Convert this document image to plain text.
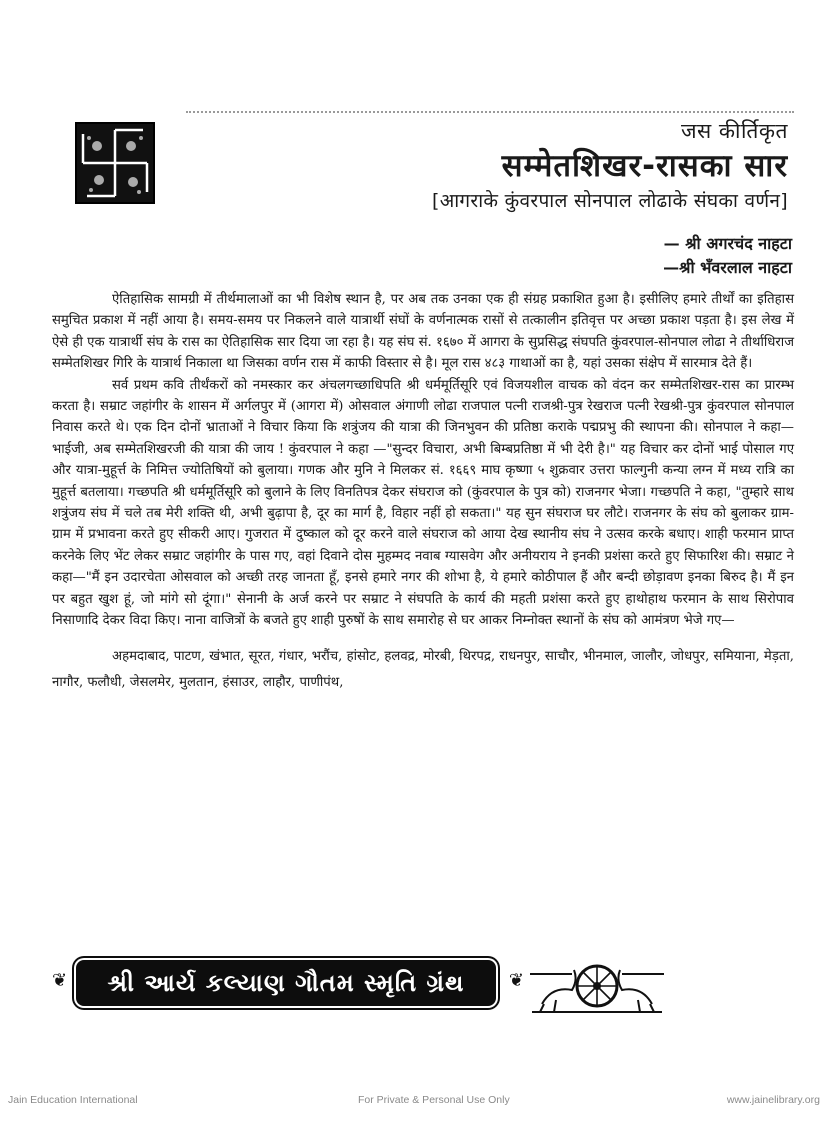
जस कीर्तिकृत
सम्मेतशिखर-रासका सार
[आगराके कुंवरपाल सोनपाल लोढाके संघका वर्णन]
— श्री अगरचंद नाहटा
—श्री भँवरलाल नाहटा

ऐतिहासिक सामग्री में तीर्थमालाओं का भी विशेष स्थान है, पर अब तक उनका एक ही संग्रह प्रकाशित हुआ है। इसीलिए हमारे तीर्थों का इतिहास समुचित प्रकाश में नहीं आया है। समय-समय पर निकलने वाले यात्रार्थी संघों के वर्णनात्मक रासों से तत्कालीन इतिवृत्त पर अच्छा प्रकाश पड़ता है। इस लेख में ऐसे ही एक यात्रार्थी संघ के रास का ऐतिहासिक सार दिया जा रहा है। यह संघ सं. १६७० में आगरा के सुप्रसिद्ध संघपति कुंवरपाल-सोनपाल लोढा ने तीर्थाधिराज सम्मेतशिखर गिरि के यात्रार्थ निकाला था जिसका वर्णन रास में काफी विस्तार से है। मूल रास ४८३ गाथाओं का है, यहां उसका संक्षेप में सारमात्र देते हैं।

सर्व प्रथम कवि तीर्थंकरों को नमस्कार कर अंचलगच्छाधिपति श्री धर्ममूर्तिसूरि एवं विजयशील वाचक को वंदन कर सम्मेतशिखर-रास का प्रारम्भ करता है। सम्राट जहांगीर के शासन में अर्गलपुर में (आगरा में) ओसवाल अंगाणी लोढा राजपाल पत्नी राजश्री-पुत्र रेखराज पत्नी रेखश्री-पुत्र कुंवरपाल सोनपाल निवास करते थे। एक दिन दोनों भ्राताओं ने विचार किया कि शत्रुंजय की यात्रा की जिनभुवन की प्रतिष्ठा कराके पद्मप्रभु की स्थापना की। सोनपाल ने कहा—भाईजी, अब सम्मेतशिखरजी की यात्रा की जाय ! कुंवरपाल ने कहा —"सुन्दर विचारा, अभी बिम्बप्रतिष्ठा में भी देरी है।" यह विचार कर दोनों भाई पोसाल गए और यात्रा-मुहूर्त्त के निमित्त ज्योतिषियों को बुलाया। गणक और मुनि ने मिलकर सं. १६६९ माघ कृष्णा ५ शुक्रवार उत्तरा फाल्गुनी कन्या लग्न में मध्य रात्रि का मुहूर्त्त बतलाया। गच्छपति श्री धर्ममूर्तिसूरि को बुलाने के लिए विनतिपत्र देकर संघराज को (कुंवरपाल के पुत्र को) राजनगर भेजा। गच्छपति ने कहा, "तुम्हारे साथ शत्रुंजय संघ में चले तब मेरी शक्ति थी, अभी बुढ़ापा है, दूर का मार्ग है, विहार नहीं हो सकता।" यह सुन संघराज घर लौटे। राजनगर के संघ को बुलाकर ग्राम-ग्राम में प्रभावना करते हुए सीकरी आए। गुजरात में दुष्काल को दूर करने वाले संघराज को आया देख स्थानीय संघ ने उत्सव करके बधाए। शाही फरमान प्राप्त करनेके लिए भेंट लेकर सम्राट जहांगीर के पास गए, वहां दिवाने दोस मुहम्मद नवाब ग्यासवेग और अनीयराय ने इनकी प्रशंसा करते हुए सिफारिश की। सम्राट ने कहा—"मैं इन उदारचेता ओसवाल को अच्छी तरह जानता हूँ, इनसे हमारे नगर की शोभा है, ये हमारे कोठीपाल हैं और बन्दी छोड़ावण इनका बिरुद है। मैं इन पर बहुत खुश हूं, जो मांगे सो दूंगा।" सेनानी के अर्ज करने पर सम्राट ने संघपति के कार्य की महती प्रशंसा करते हुए हाथोहाथ फरमान के साथ सिरोपाव निसाणादि देकर विदा किए। नाना वाजित्रों के बजते हुए शाही पुरुषों के साथ समारोह से घर आकर निम्नोक्त स्थानों के संघ को आमंत्रण भेजे गए—

अहमदाबाद, पाटण, खंभात, सूरत, गंधार, भरौंच, हांसोट, हलवद्र, मोरबी, थिरपद्र, राधनपुर, साचौर, भीनमाल, जालौर, जोधपुर, समियाना, मेड़ता, नागौर, फलौधी, जेसलमेर, मुलतान, हंसाउर, लाहौर, पाणीपंथ,

❦	શ્રી આર્ય કલ્યાણ ગૌતમ સ્મૃતિ ગ્રંથ	❦
Jain Education International	For Private & Personal Use Only	www.jainelibrary.org
